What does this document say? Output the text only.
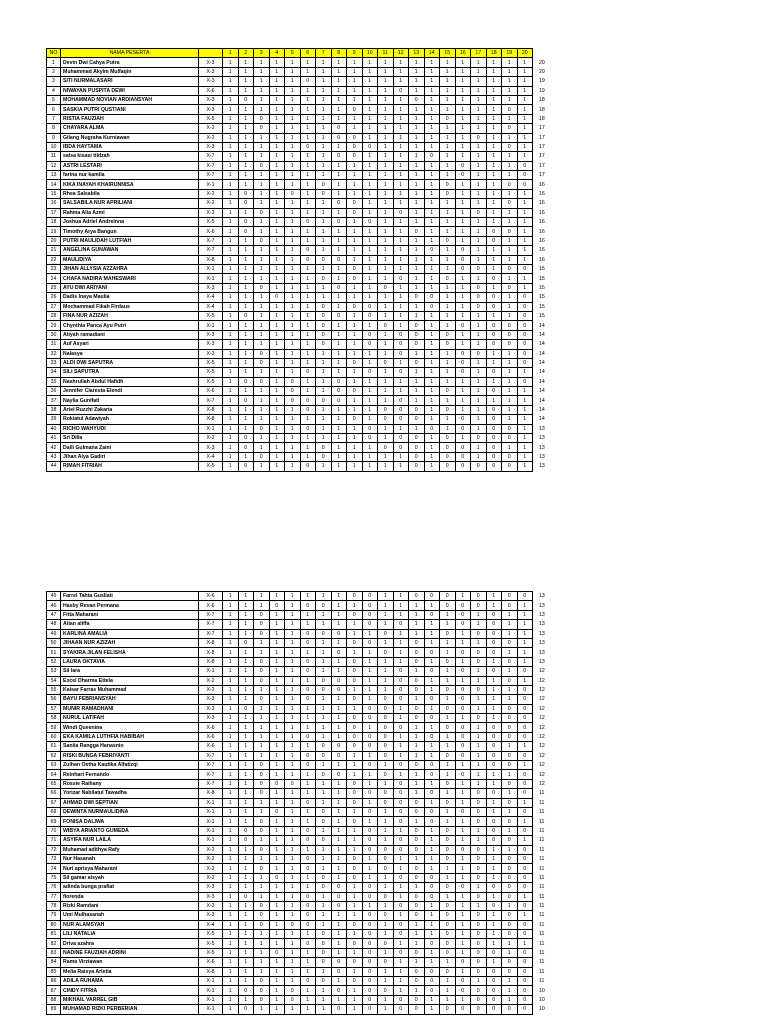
NO	NAMA PESERTA		1	2	3	4	5	6	7	8	9	10	11	12	13	14	15	16	17	18	19	20	
1	Devin Dwi Cahya Putra	X-3	1	1	1	1	1	1	1	1	1	1	1	1	1	1	1	1	1	1	1	1	20
2	Muhammad Akyim Mulfaqin	X-3	1	1	1	1	1	1	1	1	1	1	1	1	1	1	1	1	1	1	1	1	20
3	SITI NURMALASARI	X-3	1	1	1	1	1	0	1	1	1	1	1	1	1	1	1	1	1	1	1	1	19
4	NIWAYAN PUSPITA DEWI	X-6	1	1	1	1	1	1	1	1	1	1	1	0	1	1	1	1	1	1	1	1	19
5	MOHAMMAD NOVIAN ARDIANSYAH	X-3	1	0	1	1	1	1	1	1	1	1	1	1	0	1	1	1	1	1	1	1	18
6	SASKIA PUTRI QUSTIANI	X-3	1	1	1	1	1	1	1	1	0	1	1	1	1	1	1	1	1	1	0	1	18
7	RISTIA FAUZIAH	X-5	1	1	0	1	1	1	1	1	1	1	1	1	1	1	0	1	1	1	1	1	18
8	CHAYARA ALMA	X-2	1	1	0	1	1	1	1	0	1	1	1	1	1	1	1	1	1	1	0	1	17
9	Gilang Nugraha Kurniawan	X-2	1	1	1	1	1	1	1	0	0	1	1	1	1	1	1	1	0	1	1	1	17
10	IBDA HAYTAMA	X-3	1	1	1	1	1	0	1	1	0	0	1	1	1	1	1	1	1	1	0	1	17
11	salsa kisasi tildzah	X-7	1	1	1	1	1	1	1	0	0	1	1	1	1	0	1	1	1	1	1	1	17
12	ASTRI LESTARI	X-7	1	1	0	1	1	1	1	1	1	1	1	1	1	1	1	0	1	1	1	0	17
13	farina nur kamila	X-7	1	1	1	1	1	1	1	1	1	1	1	1	1	1	1	0	1	1	1	0	17
14	KIKA INAYAH KHAIRUNNISA	X-1	1	1	1	1	1	1	0	1	1	1	1	1	1	1	0	1	1	1	0	0	16
15	Rhea Salsabila	X-2	1	0	1	1	0	1	0	1	1	1	1	1	1	1	0	1	1	1	1	1	16
16	SALSABILA NUR APRILIANI	X-2	1	0	1	1	1	1	1	0	0	1	1	1	1	1	1	1	1	1	0	1	16
17	Rahma Alia Azmi	X-3	1	1	0	1	1	1	1	1	0	1	1	0	1	1	1	1	0	1	1	1	16
18	Joshua Adriel Andreinna	X-5	1	0	1	1	1	0	1	0	1	0	1	1	1	1	1	1	1	1	1	1	16
19	Timothy Arya Bangun	X-6	1	0	1	1	1	1	1	1	1	1	1	1	0	1	1	1	1	0	0	1	16
20	PUTRI MAULIDAH LUTFIAH	X-7	1	1	0	1	1	1	1	1	1	1	1	1	1	1	0	1	1	0	1	1	16
21	ANGELINA GUNAWAN	X-7	1	1	1	1	1	0	1	1	1	1	1	1	1	0	1	0	1	1	1	1	16
22	MAULIDIYA	X-8	1	1	1	1	1	0	0	0	1	1	1	1	1	1	1	0	1	1	1	1	16
23	JIHAN ALLYSIA AZZAHRA	X-1	1	1	1	1	1	1	1	1	0	1	1	1	1	1	1	0	0	1	0	0	15
24	CHAFA NADIRA MAHESWARI	X-1	1	1	1	1	1	1	0	1	0	1	1	0	1	1	0	1	1	0	1	1	15
25	AYU DWI ARIYANI	X-3	1	1	0	1	1	1	1	0	1	1	0	1	1	1	1	1	0	1	0	1	15
26	Dadis Inaya Maulia	X-4	1	1	1	0	1	1	1	1	1	1	1	1	0	0	1	1	0	0	1	0	15
27	Mochammad Fikah Firdaus	X-4	1	1	1	1	1	1	0	1	0	0	1	1	1	0	1	1	0	0	1	0	15
28	FINA NUR AZIZAH	X-5	1	0	1	1	1	1	0	0	1	0	1	1	1	1	1	1	1	1	1	0	15
29	Chynthia Panca Ayu Putri	X-1	1	1	1	1	1	1	0	1	1	1	0	1	0	1	1	0	1	0	0	0	14
30	Atiyah ramadiani	X-3	1	1	1	1	1	1	0	1	1	0	1	0	0	1	0	1	1	0	0	0	14
31	Auf Asyari	X-3	1	1	1	1	1	1	0	1	1	0	1	0	0	1	0	1	1	0	0	0	14
32	Nalasya	X-3	1	1	0	1	1	1	1	1	1	1	1	0	1	1	1	0	0	1	1	0	14
33	ALDI DWI SAPUTRA	X-5	1	1	0	1	1	1	1	1	0	1	0	1	0	1	1	0	1	1	1	0	14
34	SILI SAPUTRA	X-5	1	1	1	1	1	0	1	1	1	0	1	0	1	1	1	0	1	0	1	1	14
35	Nashrullah Abdul Hafidh	X-5	1	0	0	1	0	1	1	0	1	1	1	1	1	1	1	1	1	1	1	0	14
36	Jennifer Claresta Elendi	X-6	1	1	1	1	0	1	1	0	0	1	1	1	1	1	0	1	1	0	1	1	14
37	Naylia Gunifati	X-7	1	0	1	1	0	0	0	0	1	1	1	0	1	1	1	1	1	1	1	1	14
38	Ariel Ruzzhi Zakaria	X-8	1	1	1	1	1	0	1	1	1	1	0	0	0	1	0	1	1	0	1	1	14
39	Rokiatul Adawiyah	X-8	1	1	1	1	1	1	1	1	0	1	0	0	0	1	1	0	1	0	1	1	14
40	RICHO WAHYUDI	X-1	1	1	0	1	1	0	1	1	1	0	1	1	1	0	1	0	1	0	0	1	13
41	Sri Dilla	X-2	1	0	1	1	1	1	1	1	1	0	1	0	0	1	0	1	0	0	0	1	13
42	Dalli Gulmana Zaini	X-3	1	0	1	1	1	1	0	1	1	1	0	0	0	1	0	0	1	0	1	1	13
43	Jihan Alya Gadiri	X-4	1	1	0	1	1	1	0	1	1	1	1	1	0	1	0	0	1	0	0	1	13
44	RIMAH FITRIAH	X-5	1	0	1	1	1	0	1	1	1	1	1	1	0	1	0	0	0	0	0	1	13
45	Farrel Tahta Gusliati	X-6	1	1	1	1	1	1	1	1	0	0	1	1	0	0	0	1	0	1	0	0	13
46	Hasby Revan Permana	X-6	1	1	1	0	1	0	0	1	1	0	1	1	1	1	0	0	0	1	0	1	13
47	Fitta Maharani	X-7	1	1	0	1	1	1	1	1	0	0	1	1	1	0	1	0	1	0	1	1	13
48	Atian aliffa	X-7	1	1	0	1	1	1	1	1	1	0	1	0	1	1	1	0	1	0	1	1	13
49	KARLINA AMALIA	X-7	1	1	0	1	1	0	0	0	1	1	0	1	1	1	0	1	0	0	1	1	13
50	JIHAAN NUR AZIZAH	X-8	1	0	1	1	1	0	1	1	0	0	1	1	0	1	1	1	1	0	0	1	13
51	SYAKIRA JILAN FELISHA	X-8	1	1	1	1	1	1	1	0	1	1	0	1	0	0	1	0	0	0	1	1	13
52	LAURA OKTAVIA	X-8	1	1	0	1	1	0	1	1	0	1	1	1	0	1	0	1	0	1	0	1	13
53	Sil Iara	X-1	1	1	0	1	1	0	1	1	0	1	1	0	1	0	1	0	1	0	1	0	12
54	Excel Dharma Ettela	X-2	1	1	0	1	1	1	0	0	0	1	1	0	0	1	1	1	1	1	0	1	12
55	Kaisar Farras Muhammad	X-2	1	1	1	1	1	0	0	0	1	1	1	0	0	1	0	0	0	1	1	0	12
56	BAYU FEBRIANSYAH	X-3	1	1	0	1	1	0	1	1	0	1	0	0	1	0	1	0	1	1	1	0	12
57	MUNIR RAMADHANI	X-3	1	0	1	1	1	1	1	1	1	0	0	1	0	1	0	0	1	1	0	0	12
58	NURUL LATIFAH	X-3	1	1	1	1	1	1	1	1	0	0	0	1	0	0	1	1	0	1	0	0	12
59	Windi Queenina	X-6	1	1	1	1	1	1	1	1	0	1	0	0	1	1	0	0	1	0	0	0	12
60	EKA KAMILA LUTHFIA HABIBAH	X-6	1	1	1	1	1	0	1	1	0	0	0	1	1	0	1	0	1	0	0	0	12
61	Saniia Rangga Hanasnio	X-6	1	1	1	1	1	1	0	0	0	0	0	1	1	1	1	0	1	0	1	1	12
62	RISKI BUNGA FEBRIYANTI	X-7	1	1	1	1	1	0	0	0	1	1	0	1	1	1	0	0	1	0	0	0	12
63	Zulhan Oetha Kautika Alfatizqi	X-7	1	1	0	1	1	0	1	1	1	0	1	0	0	0	1	1	1	0	0	1	12
64	Reinhart Fernando	X-7	1	1	0	1	1	1	0	0	1	1	0	1	1	0	1	0	1	1	1	0	12
65	Rossie Raihany	X-7	1	1	0	0	0	1	1	1	0	1	1	0	1	1	0	1	1	1	0	0	12
66	Yorizar Nabilatul Tawadha	X-8	1	1	0	1	1	1	1	1	0	0	0	0	1	0	1	1	0	0	1	0	11
67	AHMAD DWI SEPTIAN	X-1	1	1	1	1	1	0	1	1	0	1	0	0	0	1	0	1	0	1	0	1	11
68	DEWINTA NURMAULIDINA	X-1	1	1	1	0	1	1	0	1	1	0	1	0	0	0	1	0	0	1	1	0	11
69	FONISA DALIWA	X-1	1	1	0	1	1	1	0	1	0	1	1	0	1	0	1	1	0	0	0	1	11
70	WIBYA ARIANTO GUMEDA	X-1	1	0	0	1	1	0	1	1	1	0	1	1	0	1	0	1	1	0	1	0	11
71	ASYIFA NUR LAILA	X-1	1	0	1	1	1	0	0	1	1	0	1	0	0	1	0	1	1	0	0	1	11
72	Muhamad adithya Rafy	X-2	1	1	0	1	1	1	1	1	1	0	0	0	0	1	0	0	0	1	1	0	11
73	Nur Hasanah	X-2	1	1	1	1	1	0	1	1	0	1	0	1	1	1	0	1	0	1	0	0	11
74	Nuri aprisya Maharani	X-2	1	1	0	1	1	0	1	1	0	1	0	1	0	1	1	1	0	1	0	0	11
75	Sil gamar aisyah	X-2	1	1	1	0	1	1	0	1	0	1	1	0	0	0	1	1	0	1	0	0	11
76	adinda bunga prafiat	X-3	1	1	1	1	1	1	0	0	1	0	1	1	1	0	0	0	1	0	0	0	11
77	florenda	X-3	1	0	1	1	1	0	1	0	1	0	0	1	0	0	1	1	0	1	0	1	11
78	Rizki Ramdani	X-3	1	1	0	1	1	0	1	0	1	1	1	0	0	1	0	1	1	0	1	0	11
79	Umi Mulhasanah	X-3	1	1	0	1	1	0	1	1	1	0	0	1	0	1	0	1	0	1	0	1	11
80	NUR ALAMSYAH	X-4	1	1	0	1	0	0	1	1	0	0	1	0	1	1	0	1	0	1	0	0	11
81	LILI NATALIA	X-5	1	1	1	1	1	1	0	1	1	0	1	0	1	1	0	1	0	1	0	0	11
82	Driva azahra	X-5	1	1	1	1	1	0	0	1	0	0	0	1	1	0	0	1	0	1	1	1	11
83	NADINE FAUZIAH ADRINI	X-5	1	1	1	0	1	1	0	1	1	0	1	0	0	1	0	1	0	0	1	0	11
84	Rama Virziawan	X-6	1	1	1	1	1	1	0	0	0	0	0	1	1	1	1	0	0	1	0	0	11
85	Melia Raisya Arletia	X-8	1	1	1	1	1	1	1	0	1	0	1	1	0	0	0	1	0	0	0	0	11
86	ADILA RUHAMA	X-1	1	1	0	1	1	0	0	1	0	0	1	1	0	0	1	0	1	0	1	0	11
87	CINDY FITRIA	X-1	1	0	0	1	0	1	1	0	1	0	0	1	1	0	1	0	0	0	1	0	10
88	MIKHAIL VARREL GIB	X-1	1	1	0	1	0	1	1	1	1	0	1	0	0	1	1	1	0	0	1	0	10
89	MUHAMAD RIZKI PERBERIAN	X-1	1	0	1	1	1	1	1	0	1	0	1	0	0	1	0	0	0	0	0	0	10
